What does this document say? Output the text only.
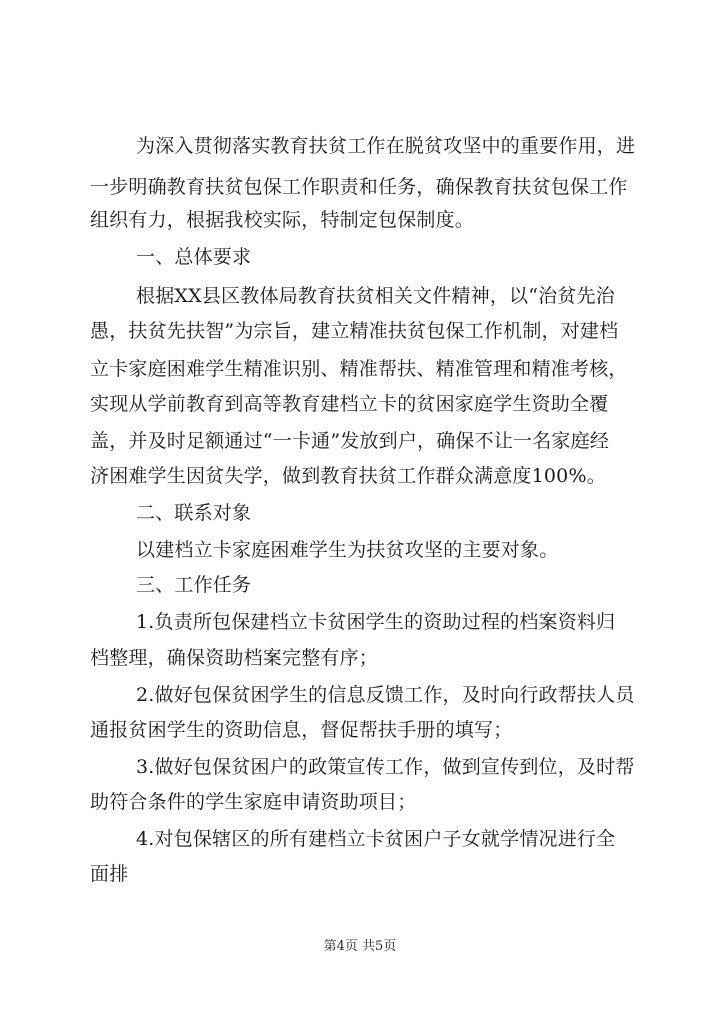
为深入贯彻落实教育扶贫工作在脱贫攻坚中的重要作用，进
一步明确教育扶贫包保工作职责和任务，确保教育扶贫包保工作
组织有力，根据我校实际，特制定包保制度。
一、总体要求
根据XX县区教体局教育扶贫相关文件精神，以“治贫先治
愚，扶贫先扶智”为宗旨，建立精准扶贫包保工作机制，对建档
立卡家庭困难学生精准识别、精准帮扶、精准管理和精准考核，
实现从学前教育到高等教育建档立卡的贫困家庭学生资助全覆
盖，并及时足额通过“一卡通”发放到户，确保不让一名家庭经
济困难学生因贫失学，做到教育扶贫工作群众满意度100%。
二、联系对象
以建档立卡家庭困难学生为扶贫攻坚的主要对象。
三、工作任务
1.负责所包保建档立卡贫困学生的资助过程的档案资料归
档整理，确保资助档案完整有序；
2.做好包保贫困学生的信息反馈工作，及时向行政帮扶人员
通报贫困学生的资助信息，督促帮扶手册的填写；
3.做好包保贫困户的政策宣传工作，做到宣传到位，及时帮
助符合条件的学生家庭申请资助项目；
4.对包保辖区的所有建档立卡贫困户子女就学情况进行全
面排
第4页 共5页
